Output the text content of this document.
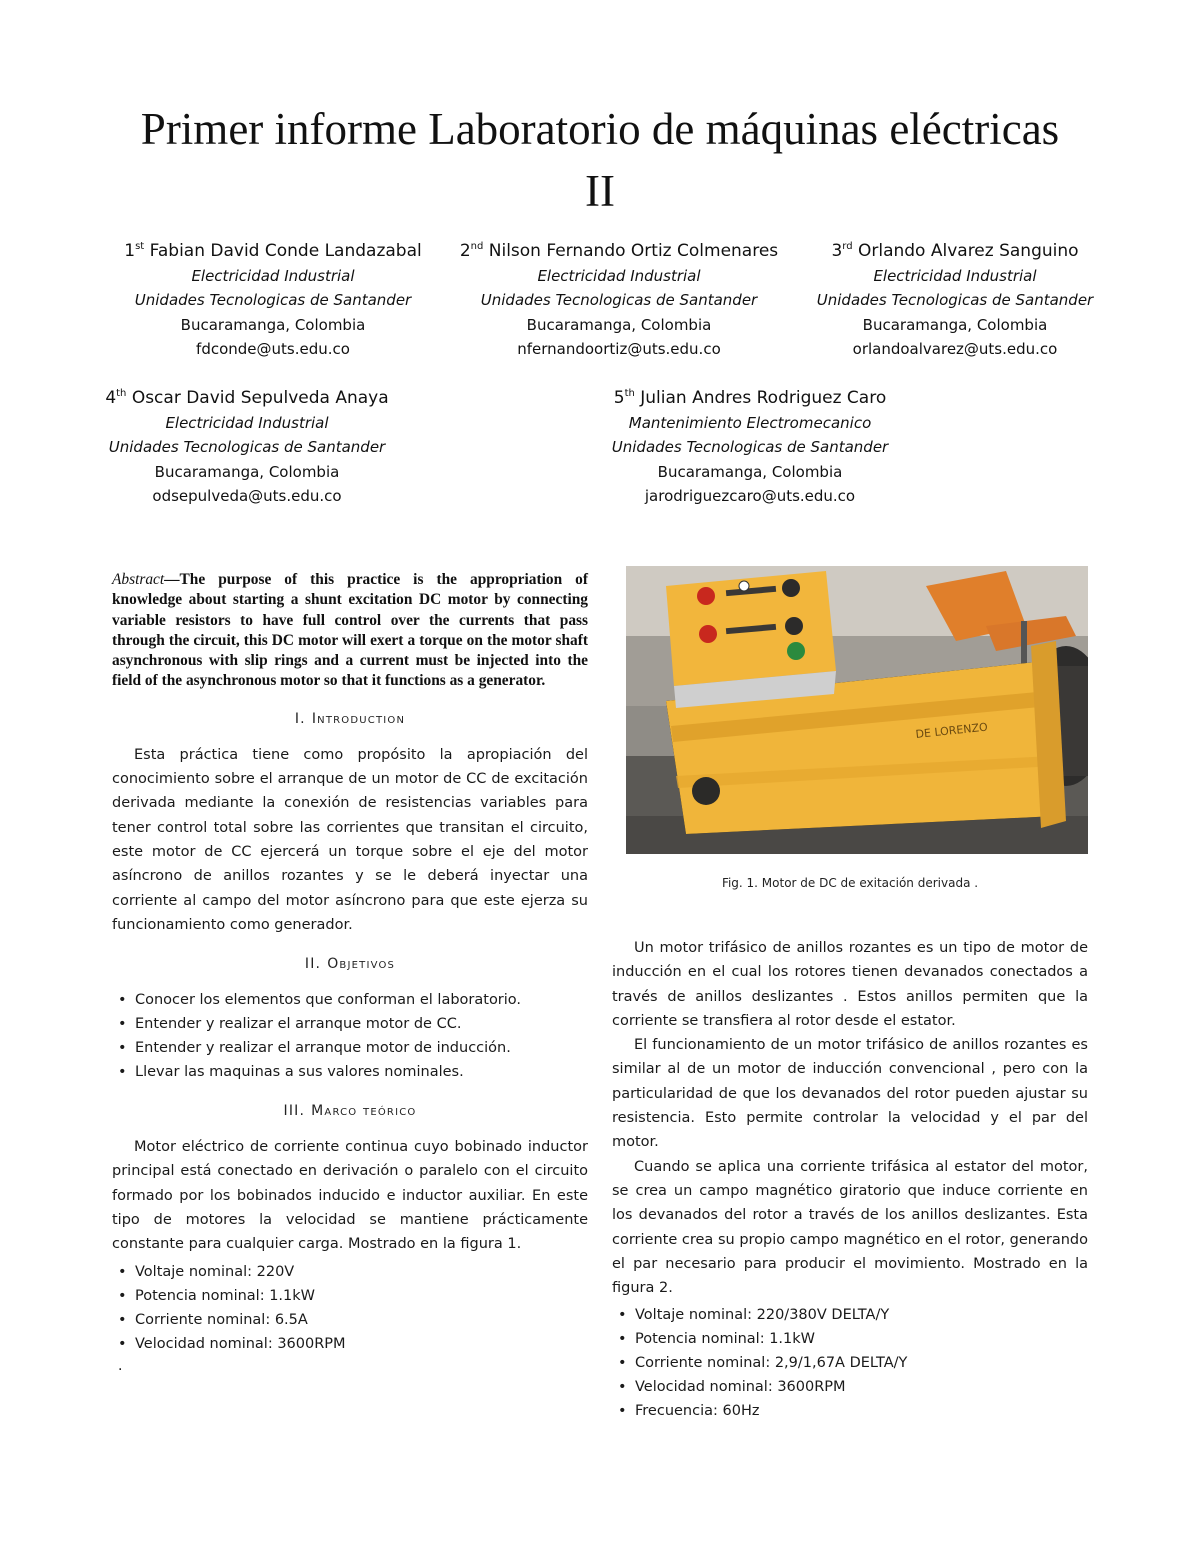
Primer informe Laboratorio de máquinas eléctricas
II
1st Fabian David Conde Landazabal
Electricidad Industrial
Unidades Tecnologicas de Santander
Bucaramanga, Colombia
fdconde@uts.edu.co
2nd Nilson Fernando Ortiz Colmenares
Electricidad Industrial
Unidades Tecnologicas de Santander
Bucaramanga, Colombia
nfernandoortiz@uts.edu.co
3rd Orlando Alvarez Sanguino
Electricidad Industrial
Unidades Tecnologicas de Santander
Bucaramanga, Colombia
orlandoalvarez@uts.edu.co
4th Oscar David Sepulveda Anaya
Electricidad Industrial
Unidades Tecnologicas de Santander
Bucaramanga, Colombia
odsepulveda@uts.edu.co
5th Julian Andres Rodriguez Caro
Mantenimiento Electromecanico
Unidades Tecnologicas de Santander
Bucaramanga, Colombia
jarodriguezcaro@uts.edu.co

Abstract—The purpose of this practice is the appropriation of knowledge about starting a shunt excitation DC motor by connecting variable resistors to have full control over the currents that pass through the circuit, this DC motor will exert a torque on the motor shaft asynchronous with slip rings and a current must be injected into the field of the asynchronous motor so that it functions as a generator.

I. Introduction

Esta práctica tiene como propósito la apropiación del conocimiento sobre el arranque de un motor de CC de excitación derivada mediante la conexión de resistencias variables para tener control total sobre las corrientes que transitan el circuito, este motor de CC ejercerá un torque sobre el eje del motor asíncrono de anillos rozantes y se le deberá inyectar una corriente al campo del motor asíncrono para que este ejerza su funcionamiento como generador.

II. Objetivos
• Conocer los elementos que conforman el laboratorio.
• Entender y realizar el arranque motor de CC.
• Entender y realizar el arranque motor de inducción.
• Llevar las maquinas a sus valores nominales.
III. Marco teórico

Motor eléctrico de corriente continua cuyo bobinado inductor principal está conectado en derivación o paralelo con el circuito formado por los bobinados inducido e inductor auxiliar. En este tipo de motores la velocidad se mantiene prácticamente constante para cualquier carga. Mostrado en la figura 1.

• Voltaje nominal: 220V
• Potencia nominal: 1.1kW
• Corriente nominal: 6.5A
• Velocidad nominal: 3600RPM
.
DE LORENZO
Fig. 1. Motor de DC de exitación derivada .

Un motor trifásico de anillos rozantes es un tipo de motor de inducción en el cual los rotores tienen devanados conectados a través de anillos deslizantes . Estos anillos permiten que la corriente se transfiera al rotor desde el estator.

El funcionamiento de un motor trifásico de anillos rozantes es similar al de un motor de inducción convencional , pero con la particularidad de que los devanados del rotor pueden ajustar su resistencia. Esto permite controlar la velocidad y el par del motor.

Cuando se aplica una corriente trifásica al estator del motor, se crea un campo magnético giratorio que induce corriente en los devanados del rotor a través de los anillos deslizantes. Esta corriente crea su propio campo magnético en el rotor, generando el par necesario para producir el movimiento. Mostrado en la figura 2.

• Voltaje nominal: 220/380V DELTA/Y
• Potencia nominal: 1.1kW
• Corriente nominal: 2,9/1,67A DELTA/Y
• Velocidad nominal: 3600RPM
• Frecuencia: 60Hz
